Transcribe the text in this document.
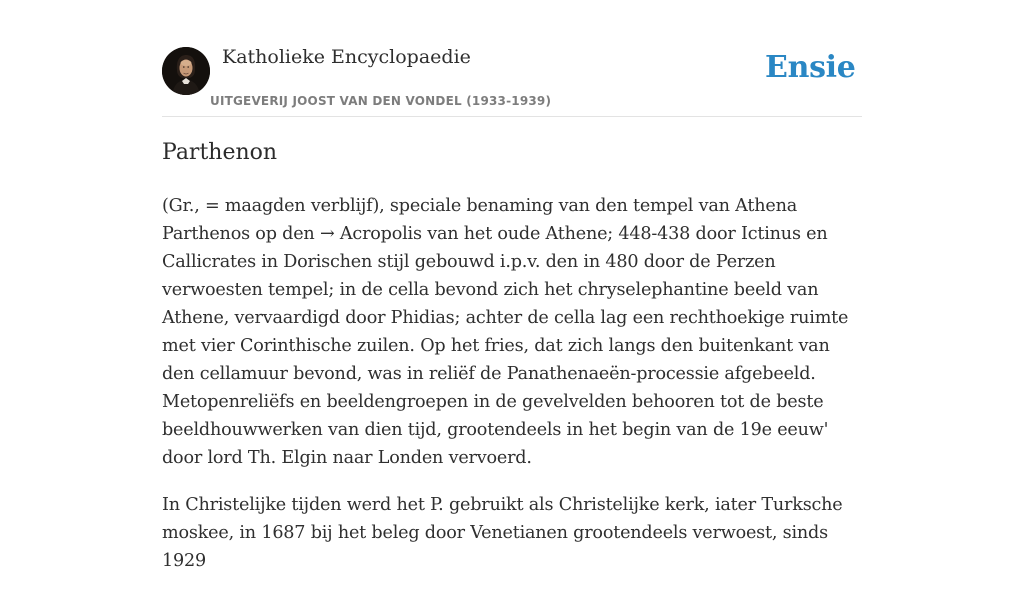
Katholieke Encyclopaedie
UITGEVERIJ JOOST VAN DEN VONDEL (1933-1939)
Ensie
Parthenon

(Gr., = maagden verblijf), speciale benaming van den tempel van Athena Parthenos op den → Acropolis van het oude Athene; 448-438 door Ictinus en Callicrates in Dorischen stijl gebouwd i.p.v. den in 480 door de Perzen verwoesten tempel; in de cella bevond zich het chryselephantine beeld van Athene, vervaardigd door Phidias; achter de cella lag een rechthoekige ruimte met vier Corinthische zuilen. Op het fries, dat zich langs den buitenkant van den cellamuur bevond, was in reliëf de Panathenaeën-processie afgebeeld. Metopenreliëfs en beeldengroepen in de gevelvelden behooren tot de beste beeldhouwwerken van dien tijd, grootendeels in het begin van de 19e eeuw' door lord Th. Elgin naar Londen vervoerd.

In Christelijke tijden werd het P. gebruikt als Christelijke kerk, iater Turksche moskee, in 1687 bij het beleg door Venetianen grootendeels verwoest, sinds 1929
